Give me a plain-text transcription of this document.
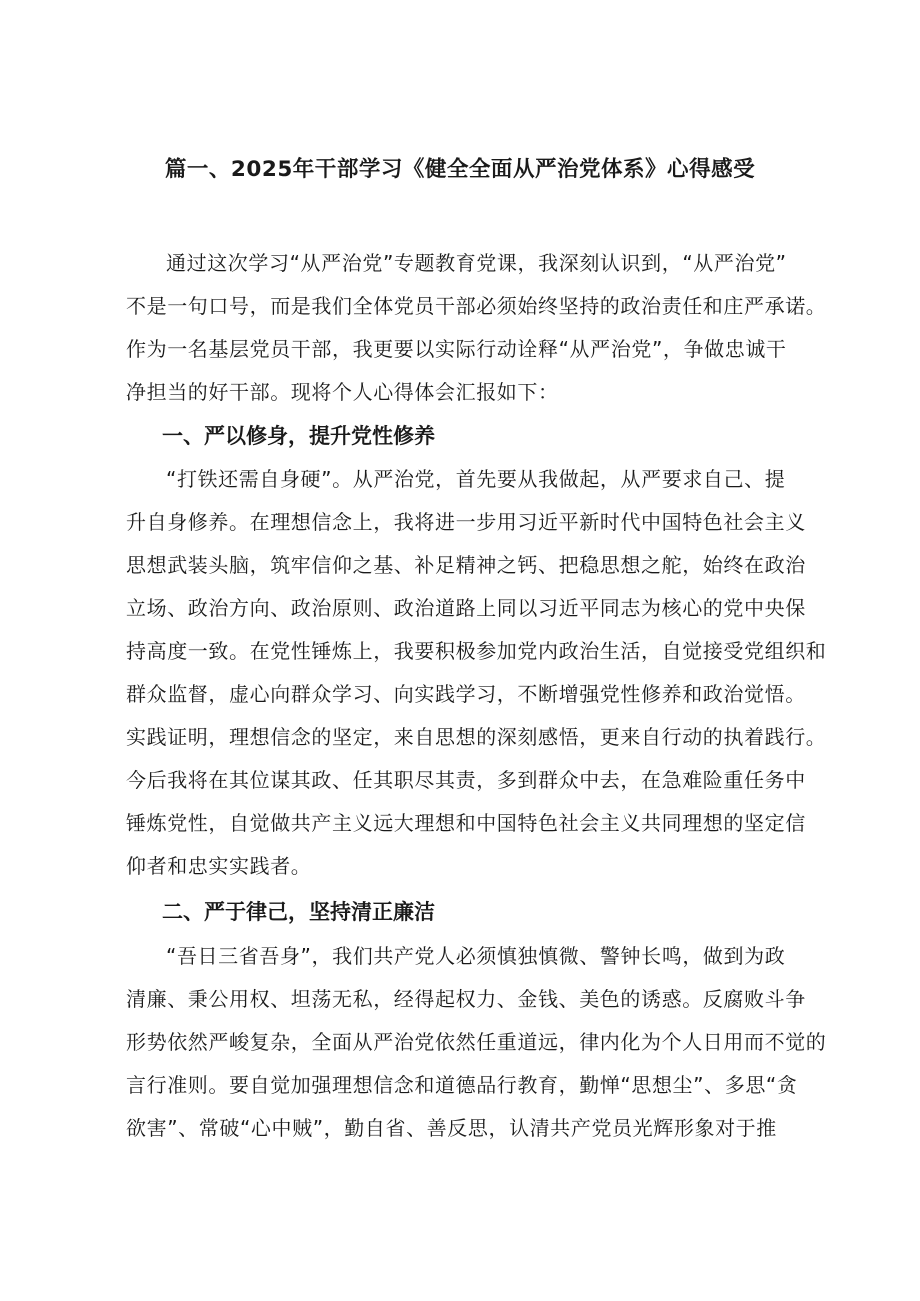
篇一、2025年干部学习《健全全面从严治党体系》心得感受
通过这次学习“从严治党”专题教育党课，我深刻认识到，“从严治党”
不是一句口号，而是我们全体党员干部必须始终坚持的政治责任和庄严承诺。
作为一名基层党员干部，我更要以实际行动诠释“从严治党”，争做忠诚干
净担当的好干部。现将个人心得体会汇报如下：
一、严以修身，提升党性修养
“打铁还需自身硬”。从严治党，首先要从我做起，从严要求自己、提
升自身修养。在理想信念上，我将进一步用习近平新时代中国特色社会主义
思想武装头脑，筑牢信仰之基、补足精神之钙、把稳思想之舵，始终在政治
立场、政治方向、政治原则、政治道路上同以习近平同志为核心的党中央保
持高度一致。在党性锤炼上，我要积极参加党内政治生活，自觉接受党组织和
群众监督，虚心向群众学习、向实践学习，不断增强党性修养和政治觉悟。
实践证明，理想信念的坚定，来自思想的深刻感悟，更来自行动的执着践行。
今后我将在其位谋其政、任其职尽其责，多到群众中去，在急难险重任务中
锤炼党性，自觉做共产主义远大理想和中国特色社会主义共同理想的坚定信
仰者和忠实实践者。
二、严于律己，坚持清正廉洁
“吾日三省吾身”，我们共产党人必须慎独慎微、警钟长鸣，做到为政
清廉、秉公用权、坦荡无私，经得起权力、金钱、美色的诱惑。反腐败斗争
形势依然严峻复杂，全面从严治党依然任重道远，律内化为个人日用而不觉的
言行准则。要自觉加强理想信念和道德品行教育，勤惮“思想尘”、多思“贪
欲害”、常破“心中贼”，勤自省、善反思，认清共产党员光辉形象对于推
